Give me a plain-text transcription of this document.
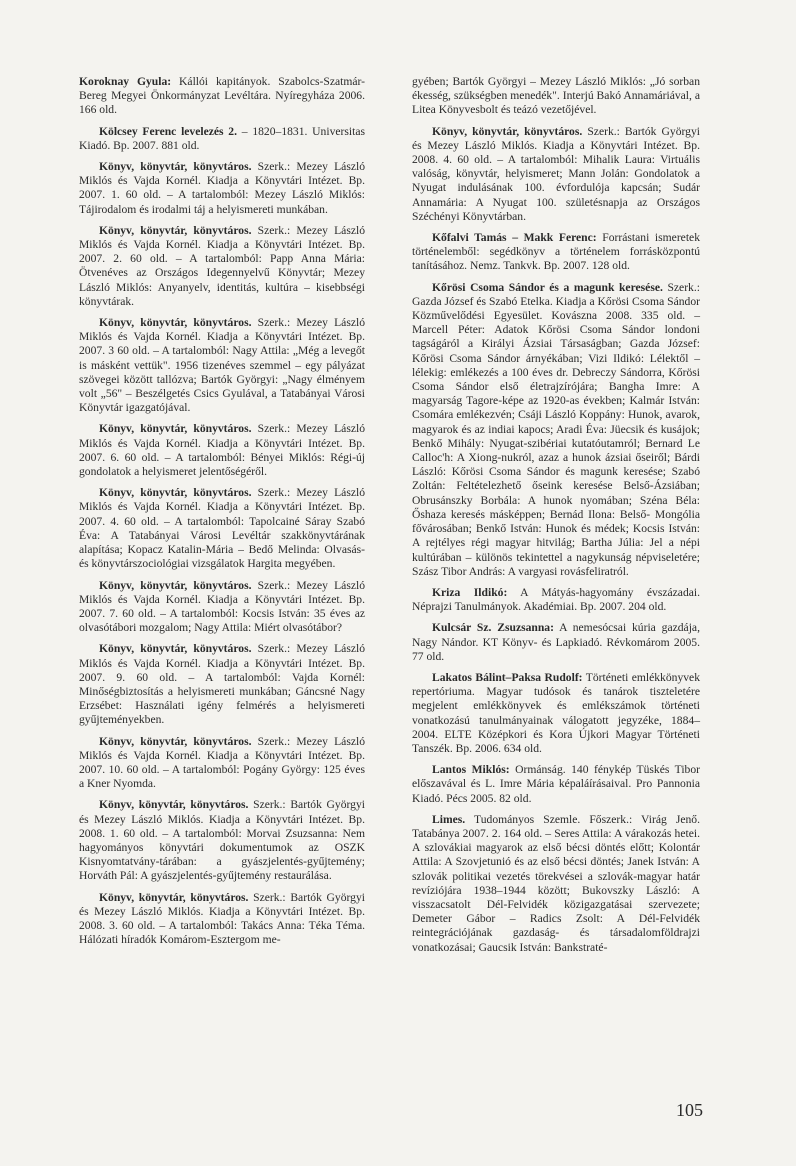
Koroknay Gyula: Kállói kapitányok. Szabolcs-Szatmár-Bereg Megyei Önkormányzat Levéltára. Nyíregyháza 2006. 166 old.

Kölcsey Ferenc levelezés 2. – 1820–1831. Universitas Kiadó. Bp. 2007. 881 old.

Könyv, könyvtár, könyvtáros. Szerk.: Mezey László Miklós és Vajda Kornél. Kiadja a Könyvtári Intézet. Bp. 2007. 1. 60 old. – A tartalomból: Mezey László Miklós: Tájirodalom és irodalmi táj a helyismereti munkában.

Könyv, könyvtár, könyvtáros. Szerk.: Mezey László Miklós és Vajda Kornél. Kiadja a Könyvtári Intézet. Bp. 2007. 2. 60 old. – A tartalomból: Papp Anna Mária: Ötvenéves az Országos Idegennyelvű Könyvtár; Mezey László Miklós: Anyanyelv, identitás, kultúra – kisebbségi könyvtárak.

Könyv, könyvtár, könyvtáros. Szerk.: Mezey László Miklós és Vajda Kornél. Kiadja a Könyvtári Intézet. Bp. 2007. 3 60 old. – A tartalomból: Nagy Attila: „Még a levegőt is másként vettük". 1956 tizenéves szemmel – egy pályázat szövegei között tallózva; Bartók Györgyi: „Nagy élményem volt „56" – Beszélgetés Csics Gyulával, a Tatabányai Városi Könyvtár igazgatójával.

Könyv, könyvtár, könyvtáros. Szerk.: Mezey László Miklós és Vajda Kornél. Kiadja a Könyvtári Intézet. Bp. 2007. 6. 60 old. – A tartalomból: Bényei Miklós: Régi-új gondolatok a helyismeret jelentőségéről.

Könyv, könyvtár, könyvtáros. Szerk.: Mezey László Miklós és Vajda Kornél. Kiadja a Könyvtári Intézet. Bp. 2007. 4. 60 old. – A tartalomból: Tapolcainé Sáray Szabó Éva: A Tatabányai Városi Levéltár szakkönyvtárának alapítása; Kopacz Katalin-Mária – Bedő Melinda: Olvasás- és könyvtárszociológiai vizsgálatok Hargita megyében.

Könyv, könyvtár, könyvtáros. Szerk.: Mezey László Miklós és Vajda Kornél. Kiadja a Könyvtári Intézet. Bp. 2007. 7. 60 old. – A tartalomból: Kocsis István: 35 éves az olvasótábori mozgalom; Nagy Attila: Miért olvasótábor?

Könyv, könyvtár, könyvtáros. Szerk.: Mezey László Miklós és Vajda Kornél. Kiadja a Könyvtári Intézet. Bp. 2007. 9. 60 old. – A tartalomból: Vajda Kornél: Minőségbiztosítás a helyismereti munkában; Gáncsné Nagy Erzsébet: Használati igény felmérés a helyismereti gyűjteményekben.

Könyv, könyvtár, könyvtáros. Szerk.: Mezey László Miklós és Vajda Kornél. Kiadja a Könyvtári Intézet. Bp. 2007. 10. 60 old. – A tartalomból: Pogány György: 125 éves a Kner Nyomda.

Könyv, könyvtár, könyvtáros. Szerk.: Bartók Györgyi és Mezey László Miklós. Kiadja a Könyvtári Intézet. Bp. 2008. 1. 60 old. – A tartalomból: Morvai Zsuzsanna: Nem hagyományos könyvtári dokumentumok az OSZK Kisnyomtatvány-tárában: a gyászjelentés-gyűjtemény; Horváth Pál: A gyászjelentés-gyűjtemény restaurálása.

Könyv, könyvtár, könyvtáros. Szerk.: Bartók Györgyi és Mezey László Miklós. Kiadja a Könyvtári Intézet. Bp. 2008. 3. 60 old. – A tartalomból: Takács Anna: Téka Téma. Hálózati híradók Komárom-Esztergom me-

gyében; Bartók Györgyi – Mezey László Miklós: „Jó sorban ékesség, szükségben menedék". Interjú Bakó Annamáriával, a Litea Könyvesbolt és teázó vezetőjével.

Könyv, könyvtár, könyvtáros. Szerk.: Bartók Györgyi és Mezey László Miklós. Kiadja a Könyvtári Intézet. Bp. 2008. 4. 60 old. – A tartalomból: Mihalik Laura: Virtuális valóság, könyvtár, helyismeret; Mann Jolán: Gondolatok a Nyugat indulásának 100. évfordulója kapcsán; Sudár Annamária: A Nyugat 100. születésnapja az Országos Széchényi Könyvtárban.

Kőfalvi Tamás – Makk Ferenc: Forrástani ismeretek történelemből: segédkönyv a történelem forrásközpontú tanításához. Nemz. Tankvk. Bp. 2007. 128 old.

Kőrösi Csoma Sándor és a magunk keresése. Szerk.: Gazda József és Szabó Etelka. Kiadja a Kőrösi Csoma Sándor Közművelődési Egyesület. Kovászna 2008. 335 old. – Marcell Péter: Adatok Kőrösi Csoma Sándor londoni tagságáról a Királyi Ázsiai Társaságban; Gazda József: Kőrösi Csoma Sándor árnyékában; Vizi Ildikó: Lélektől – lélekig: emlékezés a 100 éves dr. Debreczy Sándorra, Kőrösi Csoma Sándor első életrajzírójára; Bangha Imre: A magyarság Tagore-képe az 1920-as években; Kalmár István: Csomára emlékezvén; Csáji László Koppány: Hunok, avarok, magyarok és az indiai kapocs; Aradi Éva: Jüecsik és kusájok; Benkő Mihály: Nyugat-szibériai kutatóutamról; Bernard Le Calloc'h: A Xiong-nukról, azaz a hunok ázsiai őseiről; Bárdi László: Kőrösi Csoma Sándor és magunk keresése; Szabó Zoltán: Feltételezhető őseink keresése Belső-Ázsiában; Obrusánszky Borbála: A hunok nyomában; Széna Béla: Őshaza keresés másképpen; Bernád Ilona: Belső- Mongólia fővárosában; Benkő István: Hunok és médek; Kocsis István: A rejtélyes régi magyar hitvilág; Bartha Júlia: Jel a népi kultúrában – különös tekintettel a nagykunság népviseletére; Szász Tibor András: A vargyasi rovásfeliratról.

Kriza Ildikó: A Mátyás-hagyomány évszázadai. Néprajzi Tanulmányok. Akadémiai. Bp. 2007. 204 old.

Kulcsár Sz. Zsuzsanna: A nemesócsai kúria gazdája, Nagy Nándor. KT Könyv- és Lapkiadó. Révkomárom 2005. 77 old.

Lakatos Bálint–Paksa Rudolf: Történeti emlékkönyvek repertóriuma. Magyar tudósok és tanárok tiszteletére megjelent emlékkönyvek és emlékszámok történeti vonatkozású tanulmányainak válogatott jegyzéke, 1884–2004. ELTE Középkori és Kora Újkori Magyar Történeti Tanszék. Bp. 2006. 634 old.

Lantos Miklós: Ormánság. 140 fénykép Tüskés Tibor előszavával és L. Imre Mária képaláírásaival. Pro Pannonia Kiadó. Pécs 2005. 82 old.

Limes. Tudományos Szemle. Főszerk.: Virág Jenő. Tatabánya 2007. 2. 164 old. – Seres Attila: A várakozás hetei. A szlovákiai magyarok az első bécsi döntés előtt; Kolontár Attila: A Szovjetunió és az első bécsi döntés; Janek István: A szlovák politikai vezetés törekvései a szlovák-magyar határ revíziójára 1938–1944 között; Bukovszky László: A visszacsatolt Dél-Felvidék közigazgatásai szervezete; Demeter Gábor – Radics Zsolt: A Dél-Felvidék reintegrációjának gazdaság- és társadalomföldrajzi vonatkozásai; Gaucsik István: Bankstraté-

105
